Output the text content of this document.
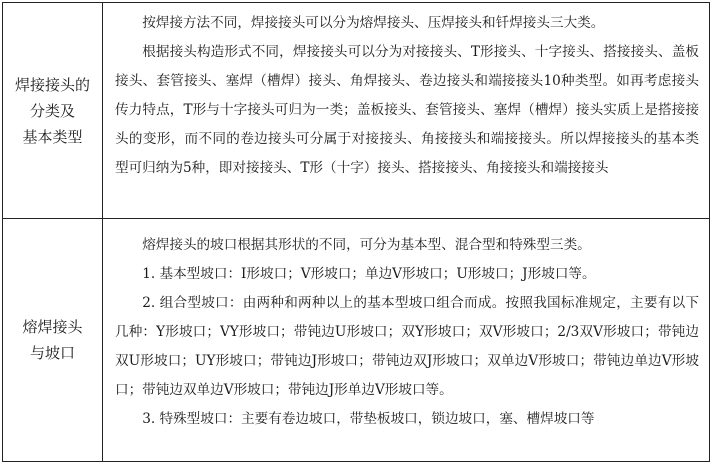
焊接接头的
分类及
基本类型

按焊接方法不同，焊接接头可以分为熔焊接头、压焊接头和钎焊接头三大类。

根据接头构造形式不同，焊接接头可以分为对接接头、T形接头、十字接头、搭接接头、盖板接头、套管接头、塞焊（槽焊）接头、角焊接头、卷边接头和端接接头10种类型。如再考虑接头传力特点，T形与十字接头可归为一类；盖板接头、套管接头、塞焊（槽焊）接头实质上是搭接接头的变形，而不同的卷边接头可分属于对接接头、角接接头和端接接头。所以焊接接头的基本类型可归纳为5种，即对接接头、T形（十字）接头、搭接接头、角接接头和端接接头

熔焊接头
与坡口

熔焊接头的坡口根据其形状的不同，可分为基本型、混合型和特殊型三类。

1. 基本型坡口：I形坡口；V形坡口；单边V形坡口；U形坡口；J形坡口等。

2. 组合型坡口：由两种和两种以上的基本型坡口组合而成。按照我国标准规定，主要有以下几种：Y形坡口；VY形坡口；带钝边U形坡口；双Y形坡口；双V形坡口；2/3双V形坡口；带钝边双U形坡口；UY形坡口；带钝边J形坡口；带钝边双J形坡口；双单边V形坡口；带钝边单边V形坡口；带钝边双单边V形坡口；带钝边J形单边V形坡口等。

3. 特殊型坡口：主要有卷边坡口，带垫板坡口，锁边坡口，塞、槽焊坡口等
